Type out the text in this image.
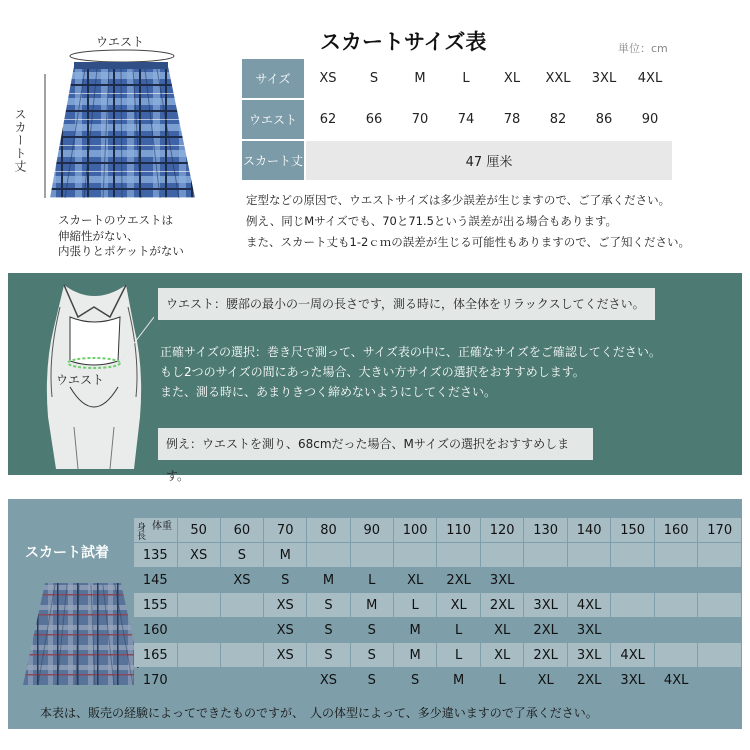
ウエスト
スカート丈
スカートのウエストは
伸縮性がない、
内張りとポケットがない
スカートサイズ表	単位：cm
サイズ	XS	S	M	L	XL	XXL	3XL	4XL
ウエスト	62	66	70	74	78	82	86	90
スカート丈	47 厘米							
定型などの原因で、ウエストサイズは多少誤差が生じますので、ご了承ください。
例え、同じMサイズでも、70と71.5という誤差が出る場合もあります。
また、スカート丈も1-2ｃｍの誤差が生じる可能性もありますので、ご了知ください。
ウエスト
ウエスト：腰部の最小の一周の長さです，測る時に，体全体をリラックスしてください。
正確サイズの選択：巻き尺で測って、サイズ表の中に、正確なサイズをご確認してください。
もし2つのサイズの間にあった場合、大きい方サイズの選択をおすすめします。
また、測る時に、あまりきつく締めないようにしてください。
例え：ウエストを測り、68cmだった場合、Mサイズの選択をおすすめします。
スカート試着
体重
身長	50	60	70	80	90	100	110	120	130	140	150	160	170
135	XS	S	M										
145		XS	S	M	L	XL	2XL	3XL					
155			XS	S	M	L	XL	2XL	3XL	4XL			
160			XS	S	S	M	L	XL	2XL	3XL			
165			XS	S	S	M	L	XL	2XL	3XL	4XL		
170				XS	S	S	M	L	XL	2XL	3XL	4XL	
本表は、販売の経験によってできたものですが、　人の体型によって、多少違いますので了承ください。
